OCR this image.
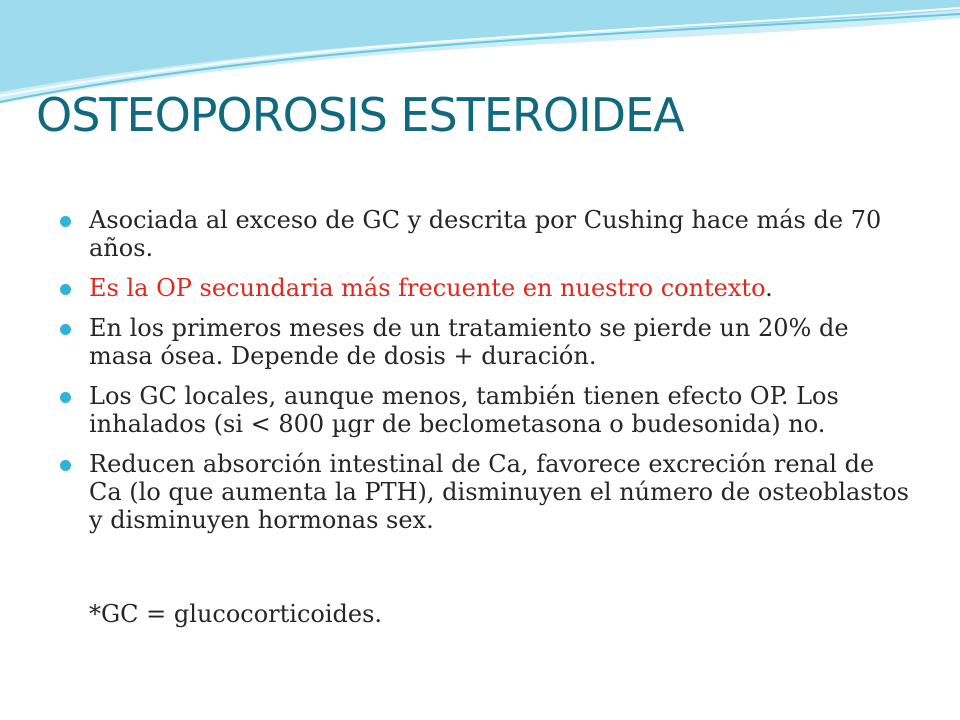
OSTEOPOROSIS ESTEROIDEA
Asociada al exceso de GC y descrita por Cushing hace más de 70 años.
Es la OP secundaria más frecuente en nuestro contexto.
En los primeros meses de un tratamiento se pierde un 20% de masa ósea. Depende de dosis + duración.
Los GC locales, aunque menos, también tienen efecto OP. Los inhalados (si < 800 µgr de beclometasona o budesonida) no.
Reducen absorción intestinal de Ca, favorece excreción renal de Ca (lo que aumenta la PTH), disminuyen el número de osteoblastos y disminuyen hormonas sex.

*GC = glucocorticoides.
